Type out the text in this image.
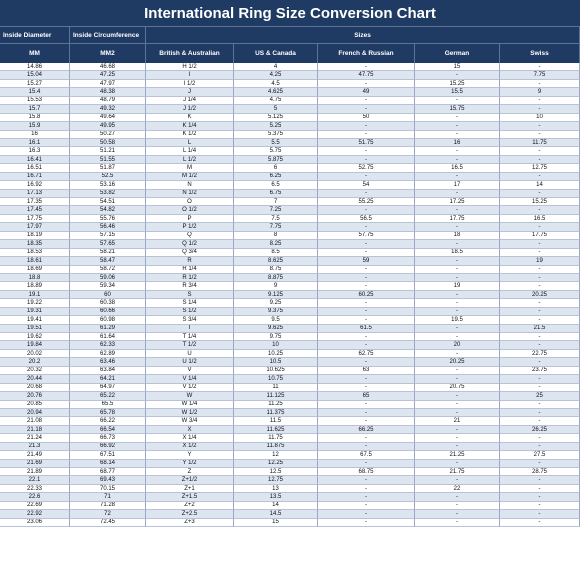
International Ring Size Conversion Chart
Inside Diameter	Inside Circumference	Sizes
MM	MM2	British & Australian	US & Canada	French & Russian	German	Swiss
14.86	46.68	H 1/2	4	-	15	-
15.04	47.25	I	4.25	47.75	-	7.75
15.27	47.97	I 1/2	4.5	-	15.25	-
15.4	48.38	J	4.625	49	15.5	9
15.53	48.79	J 1/4	4.75	-	-	-
15.7	49.32	J 1/2	5	-	15.75	-
15.8	49.64	K	5.125	50	-	10
15.9	49.95	K 1/4	5.25	-	-	-
16	50.27	K 1/2	5.375	-	-	-
16.1	50.58	L	5.5	51.75	16	11.75
16.3	51.21	L 1/4	5.75	-	-	-
16.41	51.55	L 1/2	5.875	-	-	-
16.51	51.87	M	6	52.75	16.5	12.75
16.71	52.5	M 1/2	6.25	-	-	-
16.92	53.16	N	6.5	54	17	14
17.13	53.82	N 1/2	6.75	-	-	-
17.35	54.51	O	7	55.25	17.25	15.25
17.45	54.82	O 1/2	7.25	-	-	-
17.75	55.76	P	7.5	56.5	17.75	16.5
17.97	56.46	P 1/2	7.75	-	-	-
18.19	57.15	Q	8	57.75	18	17.75
18.35	57.65	Q 1/2	8.25	-	-	-
18.53	58.21	Q 3/4	8.5	-	18.5	-
18.61	58.47	R	8.625	59	-	19
18.69	58.72	R 1/4	8.75	-	-	-
18.8	59.06	R 1/2	8.875	-	-	-
18.89	59.34	R 3/4	9	-	19	-
19.1	60	S	9.125	60.25	-	20.25
19.22	60.38	S 1/4	9.25	-	-	-
19.31	60.66	S 1/2	9.375	-	-	-
19.41	60.98	S 3/4	9.5	-	19.5	-
19.51	61.29	T	9.625	61.5	-	21.5
19.62	61.64	T 1/4	9.75	-	-	-
19.84	62.33	T 1/2	10	-	20	-
20.02	62.89	U	10.25	62.75	-	22.75
20.2	63.46	U 1/2	10.5	-	20.25	-
20.32	63.84	V	10.625	63	-	23.75
20.44	64.21	V 1/4	10.75	-	-	-
20.68	64.97	V 1/2	11	-	20.75	-
20.76	65.22	W	11.125	65	-	25
20.85	65.5	W 1/4	11.25	-	-	-
20.94	65.78	W 1/2	11.375	-	-	-
21.08	66.22	W 3/4	11.5	-	21	-
21.18	66.54	X	11.625	66.25	-	26.25
21.24	66.73	X 1/4	11.75	-	-	-
21.3	66.92	X 1/2	11.875	-	-	-
21.49	67.51	Y	12	67.5	21.25	27.5
21.69	68.14	Y 1/2	12.25	-	-	-
21.89	68.77	Z	12.5	68.75	21.75	28.75
22.1	69.43	Z+1/2	12.75	-	-	-
22.33	70.15	Z+1	13	-	22	-
22.6	71	Z+1.5	13.5	-	-	-
22.69	71.28	Z+2	14	-	-	-
22.92	72	Z+2.5	14.5	-	-	-
23.06	72.45	Z+3	15	-	-	-
